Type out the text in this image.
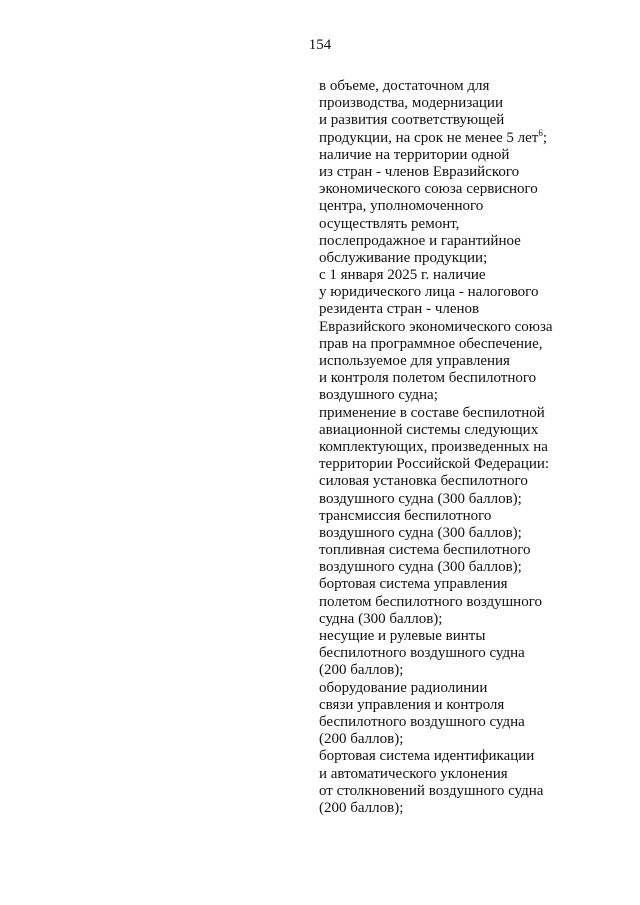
154
в объеме, достаточном для
производства, модернизации
и развития соответствующей
продукции, на срок не менее 5 лет$^6$;
наличие на территории одной
из стран - членов Евразийского
экономического союза сервисного
центра, уполномоченного
осуществлять ремонт,
послепродажное и гарантийное
обслуживание продукции;
с 1 января 2025 г. наличие
у юридического лица - налогового
резидента стран - членов
Евразийского экономического союза
прав на программное обеспечение,
используемое для управления
и контроля полетом беспилотного
воздушного судна;
применение в составе беспилотной
авиационной системы следующих
комплектующих, произведенных на
территории Российской Федерации:
силовая установка беспилотного
воздушного судна (300 баллов);
трансмиссия беспилотного
воздушного судна (300 баллов);
топливная система беспилотного
воздушного судна (300 баллов);
бортовая система управления
полетом беспилотного воздушного
судна (300 баллов);
несущие и рулевые винты
беспилотного воздушного судна
(200 баллов);
оборудование радиолинии
связи управления и контроля
беспилотного воздушного судна
(200 баллов);
бортовая система идентификации
и автоматического уклонения
от столкновений воздушного судна
(200 баллов);
